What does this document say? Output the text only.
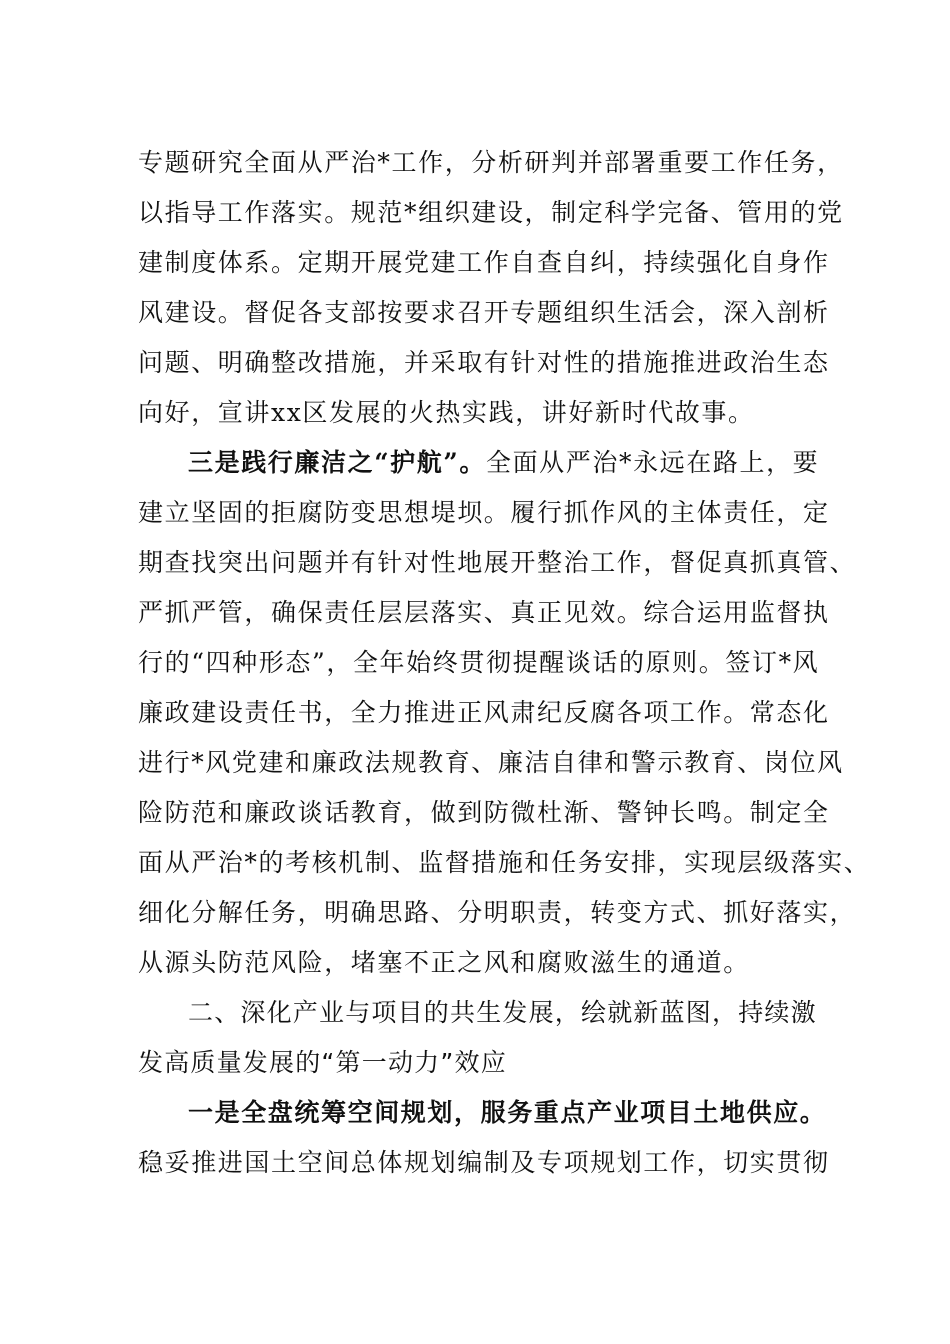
专题研究全面从严治*工作，分析研判并部署重要工作任务，
以指导工作落实。规范*组织建设，制定科学完备、管用的党
建制度体系。定期开展党建工作自查自纠，持续强化自身作
风建设。督促各支部按要求召开专题组织生活会，深入剖析
问题、明确整改措施，并采取有针对性的措施推进政治生态
向好，宣讲xx区发展的火热实践，讲好新时代故事。
三是践行廉洁之“护航”。全面从严治*永远在路上，要
建立坚固的拒腐防变思想堤坝。履行抓作风的主体责任，定
期查找突出问题并有针对性地展开整治工作，督促真抓真管、
严抓严管，确保责任层层落实、真正见效。综合运用监督执
行的“四种形态”，全年始终贯彻提醒谈话的原则。签订*风
廉政建设责任书，全力推进正风肃纪反腐各项工作。常态化
进行*风党建和廉政法规教育、廉洁自律和警示教育、岗位风
险防范和廉政谈话教育，做到防微杜渐、警钟长鸣。制定全
面从严治*的考核机制、监督措施和任务安排，实现层级落实、
细化分解任务，明确思路、分明职责，转变方式、抓好落实，
从源头防范风险，堵塞不正之风和腐败滋生的通道。
二、深化产业与项目的共生发展，绘就新蓝图，持续激
发高质量发展的“第一动力”效应
一是全盘统筹空间规划，服务重点产业项目土地供应。
稳妥推进国土空间总体规划编制及专项规划工作，切实贯彻
